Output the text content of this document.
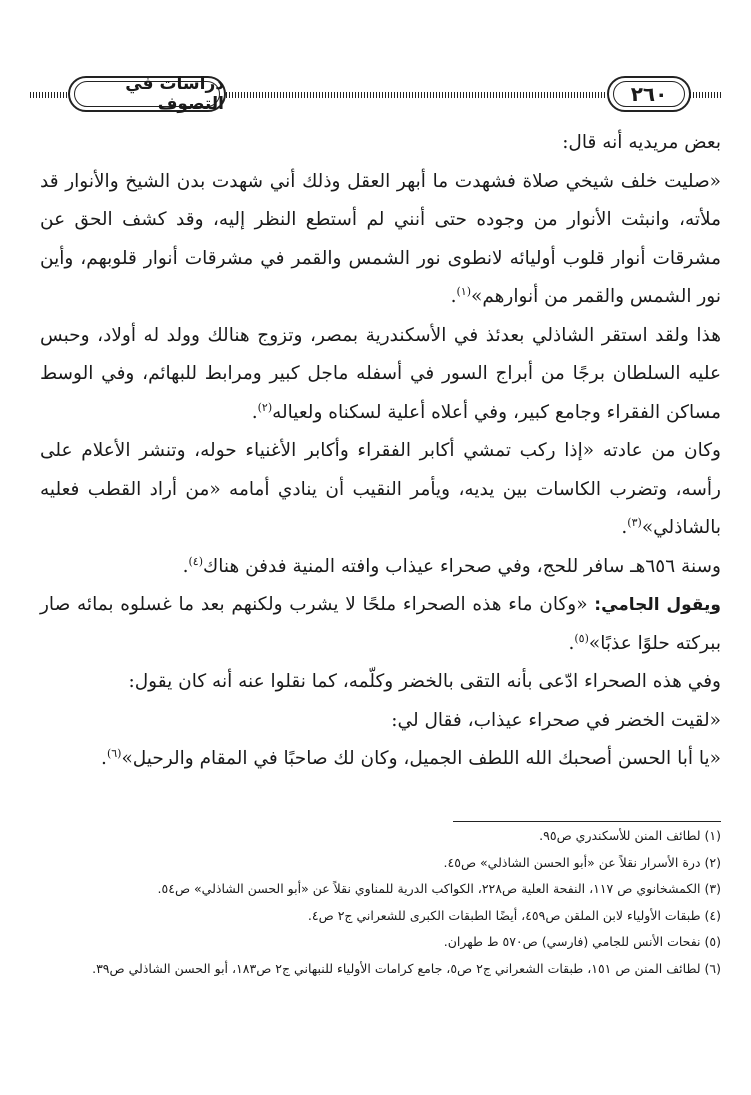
دراسات في التصوف	٢٦٠

بعض مريديه أنه قال:

«صليت خلف شيخي صلاة فشهدت ما أبهر العقل وذلك أني شهدت بدن الشيخ والأنوار قد ملأته، وانبثت الأنوار من وجوده حتى أنني لم أستطع النظر إليه، وقد كشف الحق عن مشرقات أنوار قلوب أوليائه لانطوى نور الشمس والقمر في مشرقات أنوار قلوبهم، وأين نور الشمس والقمر من أنوارهم»$^{(١)}$.

هذا ولقد استقر الشاذلي بعدئذ في الأسكندرية بمصر، وتزوج هنالك وولد له أولاد، وحبس عليه السلطان برجًا من أبراج السور في أسفله ماجل كبير ومرابط للبهائم، وفي الوسط مساكن الفقراء وجامع كبير، وفي أعلاه أعلية لسكناه ولعياله$^{(٢)}$.

وكان من عادته «إذا ركب تمشي أكابر الفقراء وأكابر الأغنياء حوله، وتنشر الأعلام على رأسه، وتضرب الكاسات بين يديه، ويأمر النقيب أن ينادي أمامه «من أراد القطب فعليه بالشاذلي»$^{(٣)}$.

وسنة ٦٥٦هـ سافر للحج، وفي صحراء عيذاب وافته المنية فدفن هناك$^{(٤)}$.

ويقول الجامي: «وكان ماء هذه الصحراء ملحًا لا يشرب ولكنهم بعد ما غسلوه بمائه صار ببركته حلوًا عذبًا»$^{(٥)}$.

وفي هذه الصحراء ادّعى بأنه التقى بالخضر وكلّمه، كما نقلوا عنه أنه كان يقول:

«لقيت الخضر في صحراء عيذاب، فقال لي:

«يا أبا الحسن أصحبك الله اللطف الجميل، وكان لك صاحبًا في المقام والرحيل»$^{(٦)}$.

(١) لطائف المنن للأسكندري ص٩٥.

(٢) درة الأسرار نقلاً عن «أبو الحسن الشاذلي» ص٤٥.

(٣) الكمشخانوي ص ١١٧، النفحة العلية ص٢٢٨، الكواكب الدرية للمناوي نقلاً عن «أبو الحسن الشاذلي» ص٥٤.

(٤) طبقات الأولياء لابن الملقن ص٤٥٩، أيضًا الطبقات الكبرى للشعراني ج٢ ص٤.

(٥) نفحات الأنس للجامي (فارسي) ص٥٧٠ ط طهران.

(٦) لطائف المنن ص ١٥١، طبقات الشعراني ج٢ ص٥، جامع كرامات الأولياء للنبهاني ج٢ ص١٨٣، أبو الحسن الشاذلي ص٣٩.
